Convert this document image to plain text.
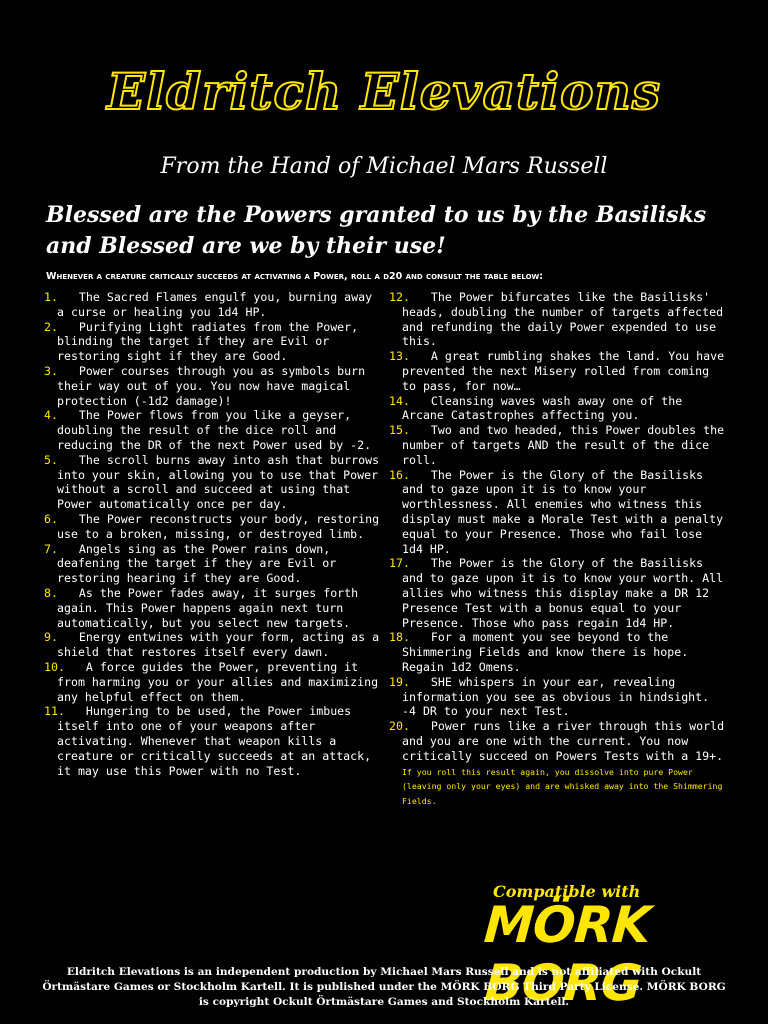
Eldritch Elevations
From the Hand of Michael Mars Russell
Blessed are the Powers granted to us by the Basilisks and Blessed are we by their use!
Whenever a creature critically succeeds at activating a Power, roll a d20 and consult the table below:

1. The Sacred Flames engulf you, burning away a curse or healing you 1d4 HP.

2. Purifying Light radiates from the Power, blinding the target if they are Evil or restoring sight if they are Good.

3. Power courses through you as symbols burn their way out of you. You now have magical protection (-1d2 damage)!

4. The Power flows from you like a geyser, doubling the result of the dice roll and reducing the DR of the next Power used by -2.

5. The scroll burns away into ash that burrows into your skin, allowing you to use that Power without a scroll and succeed at using that Power automatically once per day.

6. The Power reconstructs your body, restoring use to a broken, missing, or destroyed limb.

7. Angels sing as the Power rains down, deafening the target if they are Evil or restoring hearing if they are Good.

8. As the Power fades away, it surges forth again. This Power happens again next turn automatically, but you select new targets.

9. Energy entwines with your form, acting as a shield that restores itself every dawn.

10. A force guides the Power, preventing it from harming you or your allies and maximizing any helpful effect on them.

11. Hungering to be used, the Power imbues itself into one of your weapons after activating. Whenever that weapon kills a creature or critically succeeds at an attack, it may use this Power with no Test.

12. The Power bifurcates like the Basilisks' heads, doubling the number of targets affected and refunding the daily Power expended to use this.

13. A great rumbling shakes the land. You have prevented the next Misery rolled from coming to pass, for now…

14. Cleansing waves wash away one of the Arcane Catastrophes affecting you.

15. Two and two headed, this Power doubles the number of targets AND the result of the dice roll.

16. The Power is the Glory of the Basilisks and to gaze upon it is to know your worthlessness. All enemies who witness this display must make a Morale Test with a penalty equal to your Presence. Those who fail lose 1d4 HP.

17. The Power is the Glory of the Basilisks and to gaze upon it is to know your worth. All allies who witness this display make a DR 12 Presence Test with a bonus equal to your Presence. Those who pass regain 1d4 HP.

18. For a moment you see beyond to the Shimmering Fields and know there is hope. Regain 1d2 Omens.

19. SHE whispers in your ear, revealing information you see as obvious in hindsight. -4 DR to your next Test.

20. Power runs like a river through this world and you are one with the current. You now critically succeed on Powers Tests with a 19+. If you roll this result again, you dissolve into pure Power (leaving only your eyes) and are whisked away into the Shimmering Fields.

Compatible with
MÖRK BORG
Eldritch Elevations is an independent production by Michael Mars Russell and is not affiliated with Ockult Örtmästare Games or Stockholm Kartell. It is published under the MÖRK BORG Third Party License. MÖRK BORG is copyright Ockult Örtmästare Games and Stockholm Kartell.
